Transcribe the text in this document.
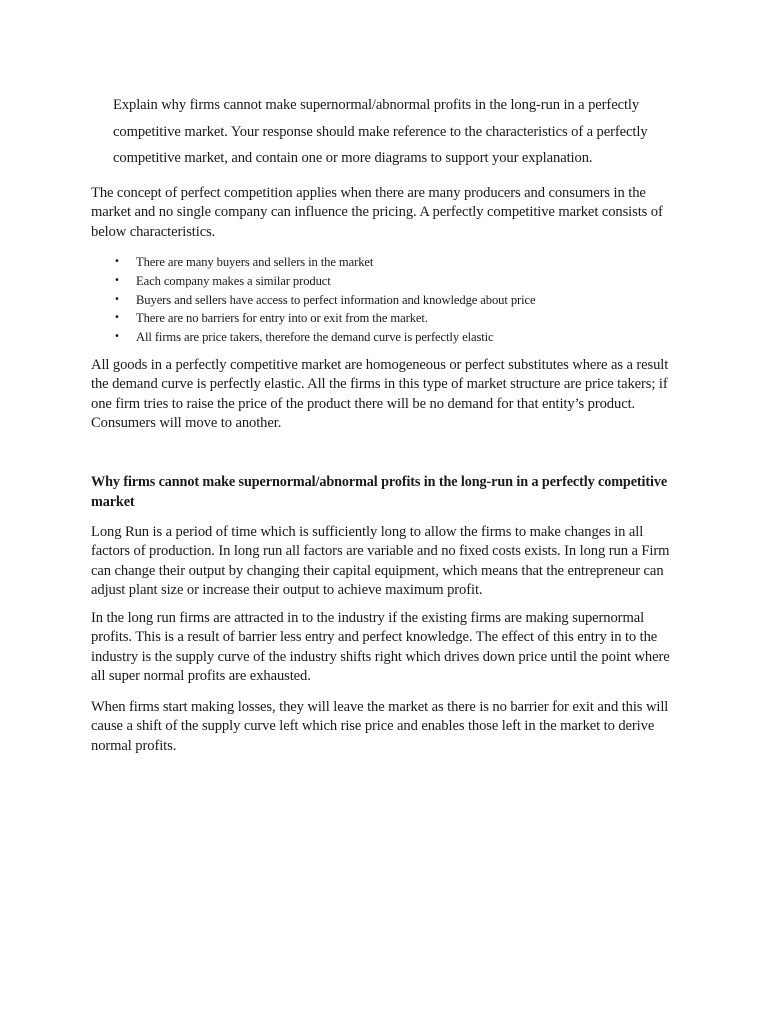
Explain why firms cannot make supernormal/abnormal profits in the long-run in a perfectly competitive market. Your response should make reference to the characteristics of a perfectly competitive market, and contain one or more diagrams to support your explanation.

The concept of perfect competition applies when there are many producers and consumers in the market and no single company can influence the pricing. A perfectly competitive market consists of below characteristics.

• There are many buyers and sellers in the market
• Each company makes a similar product
• Buyers and sellers have access to perfect information and knowledge about price
• There are no barriers for entry into or exit from the market.
• All firms are price takers, therefore the demand curve is perfectly elastic

All goods in a perfectly competitive market are homogeneous or perfect substitutes where as a result the demand curve is perfectly elastic. All the firms in this type of market structure are price takers; if one firm tries to raise the price of the product there will be no demand for that entity’s product. Consumers will move to another.

Why firms cannot make supernormal/abnormal profits in the long-run in a perfectly competitive market

Long Run is a period of time which is sufficiently long to allow the firms to make changes in all factors of production. In long run all factors are variable and no fixed costs exists. In long run a Firm can change their output by changing their capital equipment, which means that the entrepreneur can adjust plant size or increase their output to achieve maximum profit.

In the long run firms are attracted in to the industry if the existing firms are making supernormal profits. This is a result of barrier less entry and perfect knowledge. The effect of this entry in to the industry is the supply curve of the industry shifts right which drives down price until the point where all super normal profits are exhausted.

When firms start making losses, they will leave the market as there is no barrier for exit and this will cause a shift of the supply curve left which rise price and enables those left in the market to derive normal profits.
